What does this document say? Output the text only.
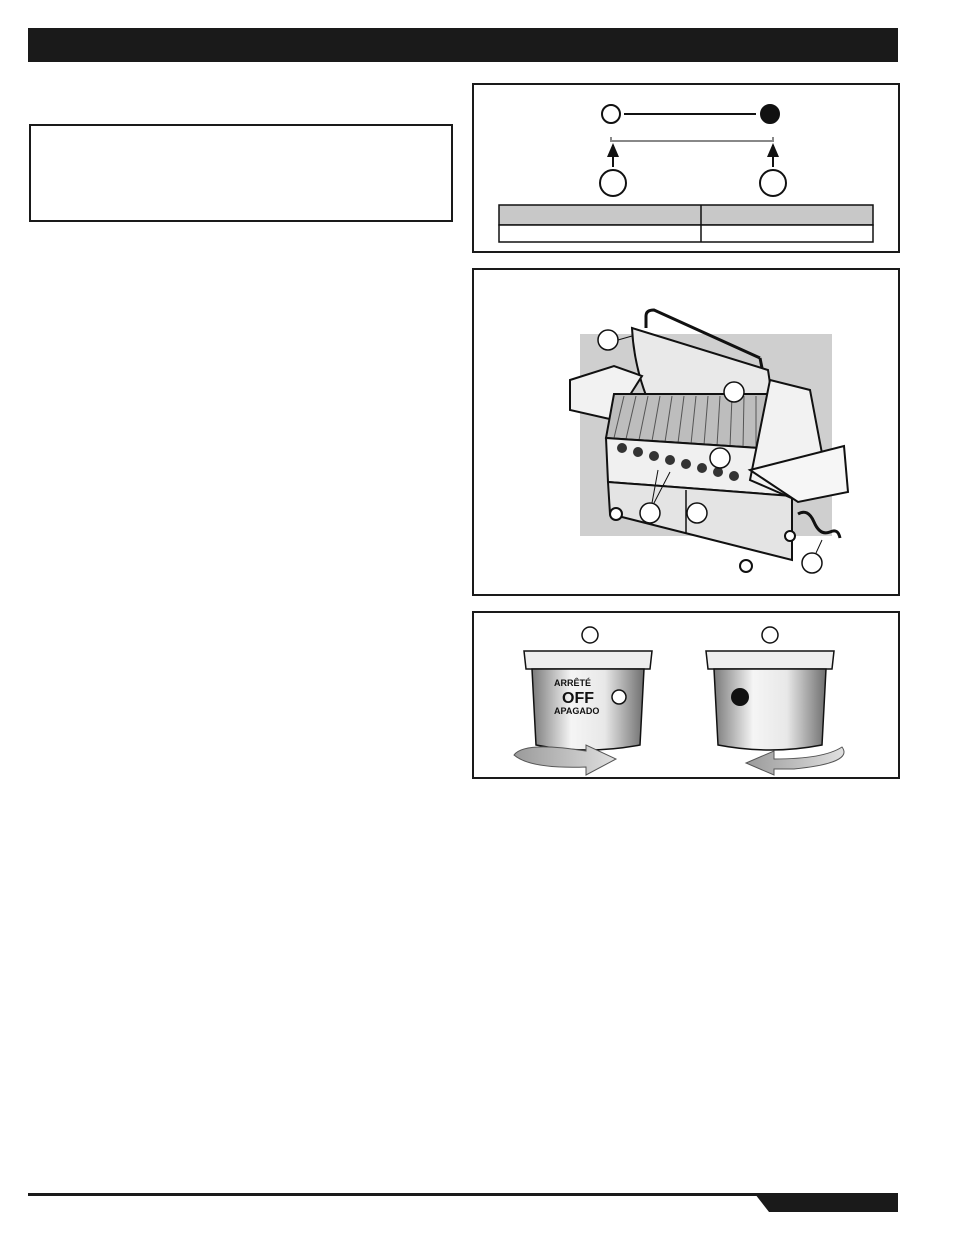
ARRÊTÉ
OFF
APAGADO
